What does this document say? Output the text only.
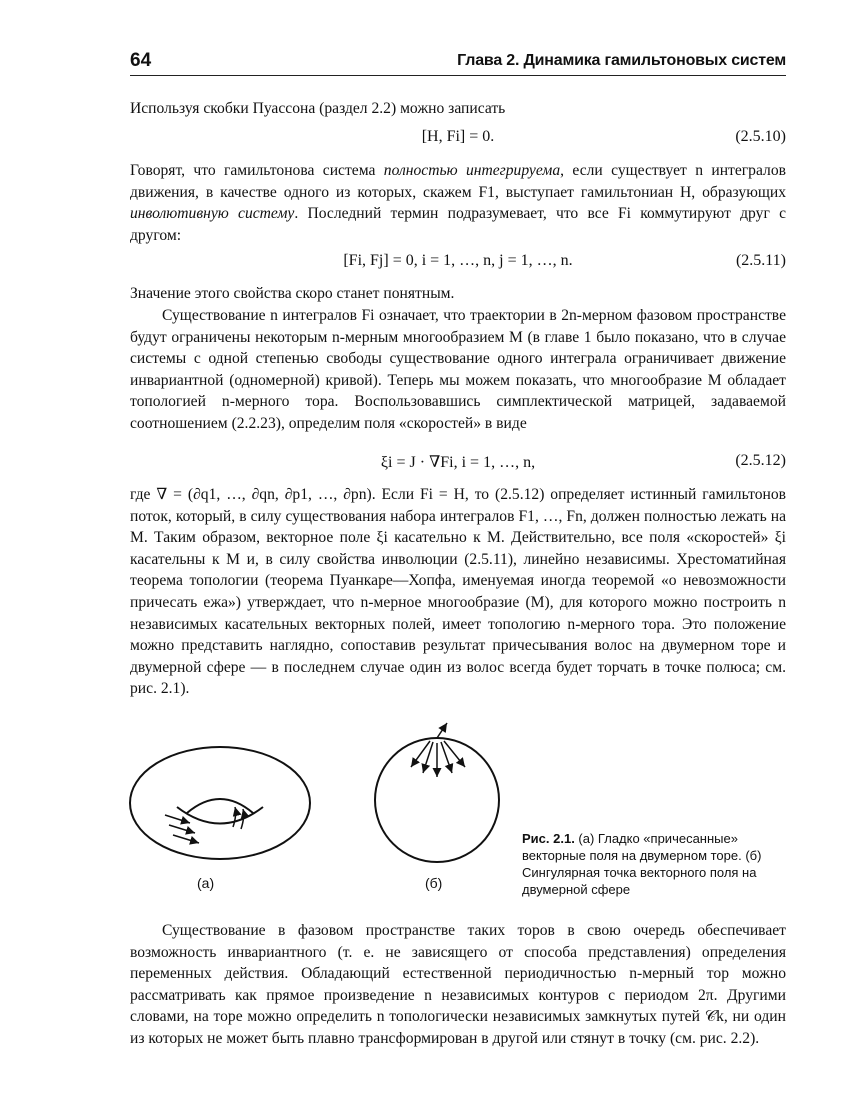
64	Глава 2. Динамика гамильтоновых систем

Используя скобки Пуассона (раздел 2.2) можно записать

[H, Fi] = 0.	(2.5.10)

Говорят, что гамильтонова система полностью интегрируема, если существует n интегралов движения, в качестве одного из которых, скажем F1, выступает гамильтониан H, образующих инволютивную систему. Последний термин подразумевает, что все Fi коммутируют друг с другом:

[Fi, Fj] = 0, i = 1, …, n, j = 1, …, n.	(2.5.11)

Значение этого свойства скоро станет понятным.

Существование n интегралов Fi означает, что траектории в 2n-мерном фазовом пространстве будут ограничены некоторым n-мерным многообразием M (в главе 1 было показано, что в случае системы с одной степенью свободы существование одного интеграла ограничивает движение инвариантной (одномерной) кривой). Теперь мы можем показать, что многообразие M обладает топологией n-мерного тора. Воспользовавшись симплектической матрицей, задаваемой соотношением (2.2.23), определим поля «скоростей» в виде

ξi = J · ∇Fi, i = 1, …, n,	(2.5.12)

где ∇ = (∂q1, …, ∂qn, ∂p1, …, ∂pn). Если Fi = H, то (2.5.12) определяет истинный гамильтонов поток, который, в силу существования набора интегралов F1, …, Fn, должен полностью лежать на M. Таким образом, векторное поле ξi касательно к M. Действительно, все поля «скоростей» ξi касательны к M и, в силу свойства инволюции (2.5.11), линейно независимы. Хрестоматийная теорема топологии (теорема Пуанкаре—Хопфа, именуемая иногда теоремой «о невозможности причесать ежа») утверждает, что n-мерное многообразие (M), для которого можно построить n независимых касательных векторных полей, имеет топологию n-мерного тора. Это положение можно представить наглядно, сопоставив результат причесывания волос на двумерном торе и двумерной сфере — в последнем случае один из волос всегда будет торчать в точке полюса; см. рис. 2.1).

(а)	(б)
Рис. 2.1. (а) Гладко «причесанные» векторные поля на двумерном торе. (б) Сингулярная точка векторного поля на двумерной сфере

Существование в фазовом пространстве таких торов в свою очередь обеспечивает возможность инвариантного (т. е. не зависящего от способа представления) определения переменных действия. Обладающий естественной периодичностью n-мерный тор можно рассматривать как прямое произведение n независимых контуров с периодом 2π. Другими словами, на торе можно определить n топологически независимых замкнутых путей 𝒞k, ни один из которых не может быть плавно трансформирован в другой или стянут в точку (см. рис. 2.2).
